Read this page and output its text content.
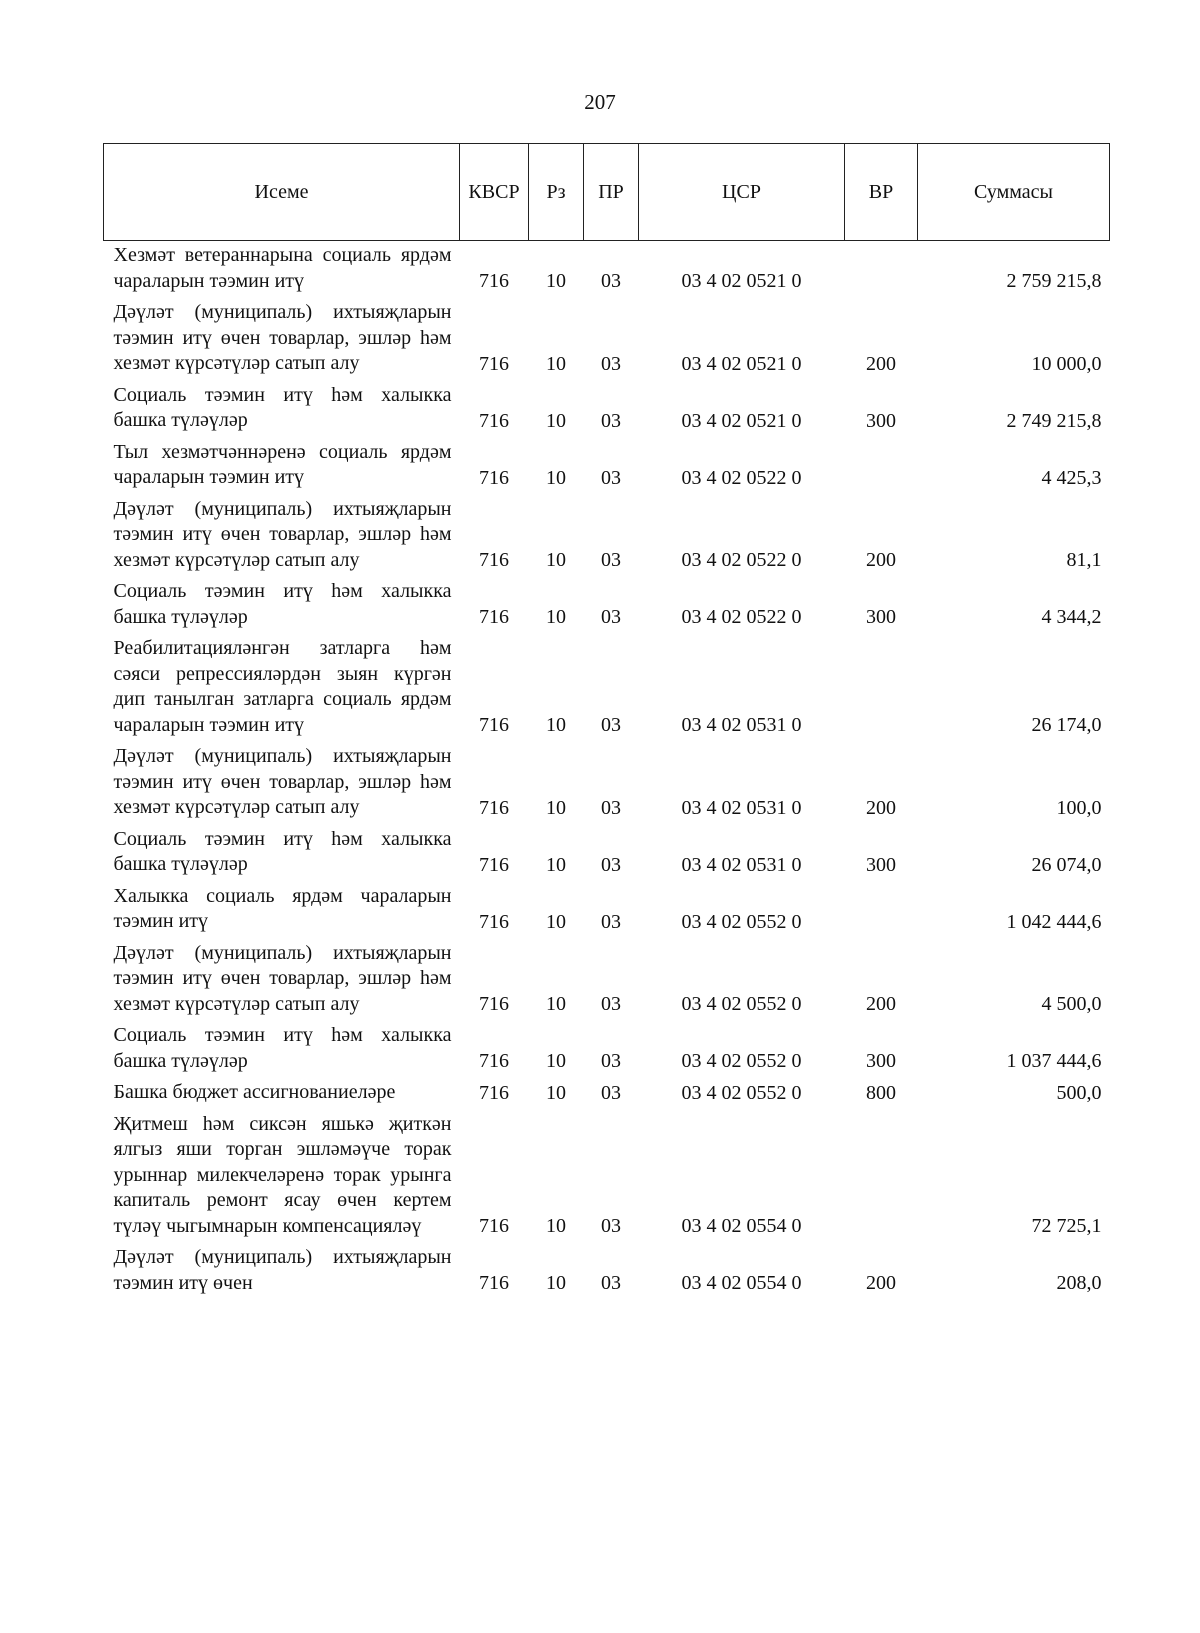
207
Исеме	КВСР	Рз	ПР	ЦСР	ВР	Суммасы
Хезмәт ветераннарына социаль ярдәм чараларын тәэмин итү	716	10	03	03 4 02 0521 0		2 759 215,8
Дәүләт (муниципаль) ихтыяҗларын тәэмин итү өчен товарлар, эшләр һәм хезмәт күрсәтүләр сатып алу	716	10	03	03 4 02 0521 0	200	10 000,0
Социаль тәэмин итү һәм халыкка башка түләүләр	716	10	03	03 4 02 0521 0	300	2 749 215,8
Тыл хезмәтчәннәренә социаль ярдәм чараларын тәэмин итү	716	10	03	03 4 02 0522 0		4 425,3
Дәүләт (муниципаль) ихтыяҗларын тәэмин итү өчен товарлар, эшләр һәм хезмәт күрсәтүләр сатып алу	716	10	03	03 4 02 0522 0	200	81,1
Социаль тәэмин итү һәм халыкка башка түләүләр	716	10	03	03 4 02 0522 0	300	4 344,2
Реабилитацияләнгән затларга һәм сәяси репрессияләрдән зыян күргән дип танылган затларга социаль ярдәм чараларын тәэмин итү	716	10	03	03 4 02 0531 0		26 174,0
Дәүләт (муниципаль) ихтыяҗларын тәэмин итү өчен товарлар, эшләр һәм хезмәт күрсәтүләр сатып алу	716	10	03	03 4 02 0531 0	200	100,0
Социаль тәэмин итү һәм халыкка башка түләүләр	716	10	03	03 4 02 0531 0	300	26 074,0
Халыкка социаль ярдәм чараларын тәэмин итү	716	10	03	03 4 02 0552 0		1 042 444,6
Дәүләт (муниципаль) ихтыяҗларын тәэмин итү өчен товарлар, эшләр һәм хезмәт күрсәтүләр сатып алу	716	10	03	03 4 02 0552 0	200	4 500,0
Социаль тәэмин итү һәм халыкка башка түләүләр	716	10	03	03 4 02 0552 0	300	1 037 444,6
Башка бюджет ассигнованиеләре	716	10	03	03 4 02 0552 0	800	500,0
Җитмеш һәм сиксән яшькә җиткән ялгыз яши торган эшләмәүче торак урыннар милекчеләренә торак урынга капиталь ремонт ясау өчен кертем түләү чыгымнарын компенсацияләү	716	10	03	03 4 02 0554 0		72 725,1
Дәүләт (муниципаль) ихтыяҗларын тәэмин итү өчен	716	10	03	03 4 02 0554 0	200	208,0
